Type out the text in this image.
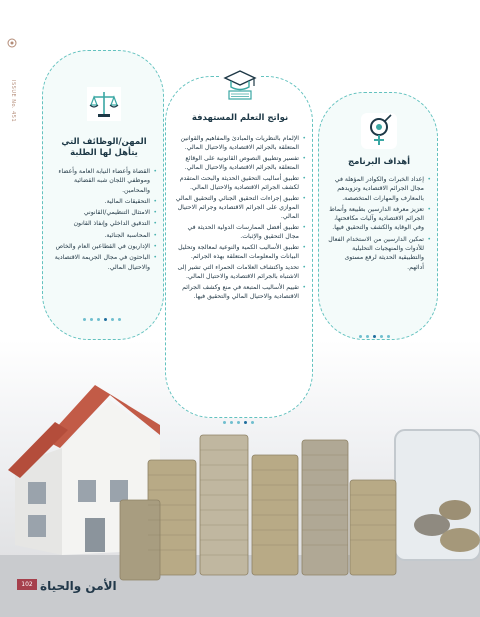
ISSUE No. 451
المهن/الوظائف التي يتأهل لها الطلبة
• القضاة وأعضاء النيابة العامة وأعضاء وموظفي اللجان شبه القضائية والمحامين.
• التحقيقات المالية.
• الامتثال التنظيمي/القانوني
• التدقيق الداخلي وإنفاذ القانون
• المحاسبة الجنائية.
• الإداريون في القطاعين العام والخاص
• الباحثون في مجال الجريمة الاقتصادية والاحتيال المالي.
نواتج التعلم المستهدفة
• الإلمام بالنظريات والمبادئ والمفاهيم والقوانين المتعلقة بالجرائم الاقتصادية والاحتيال المالي.
• تفسير وتطبيق النصوص القانونية على الوقائع المتعلقة بالجرائم الاقتصادية والاحتيال المالي.
• تطبيق أساليب التحقيق الحديثة والبحث المتقدم لكشف الجرائم الاقتصادية والاحتيال المالي.
• تطبيق إجراءات التحقيق الجنائي والتحقيق المالي الموازي على الجرائم الاقتصادية وجرائم الاحتيال المالي.
• تطبيق أفضل الممارسات الدولية الحديثة في مجال التحقيق والإثبات.
• تطبيق الأساليب الكمية والنوعية لمعالجة وتحليل البيانات والمعلومات المتعلقة بهذه الجرائم.
• تحديد واكتشاف العلامات الحمراء التي تشير إلى الاشتباه بالجرائم الاقتصادية والاحتيال المالي.
• تقييم الأساليب المتبعة في منع وكشف الجرائم الاقتصادية والاحتيال المالي والتحقيق فيها.
أهداف البرنامج
• إعداد الخبرات والكوادر المؤهلة في مجال الجرائم الاقتصادية وتزويدهم بالمعارف والمهارات المتخصصة.
• تعزيز معرفة الدارسين بطبيعة وأنماط الجرائم الاقتصادية وآليات مكافحتها، وفي الوقاية والكشف والتحقيق فيها.
• تمكين الدارسين من الاستخدام الفعال للأدوات والمنهجيات التحليلية والتطبيقية الحديثة لرفع مستوى أدائهم.
102 الأمن والحياة
